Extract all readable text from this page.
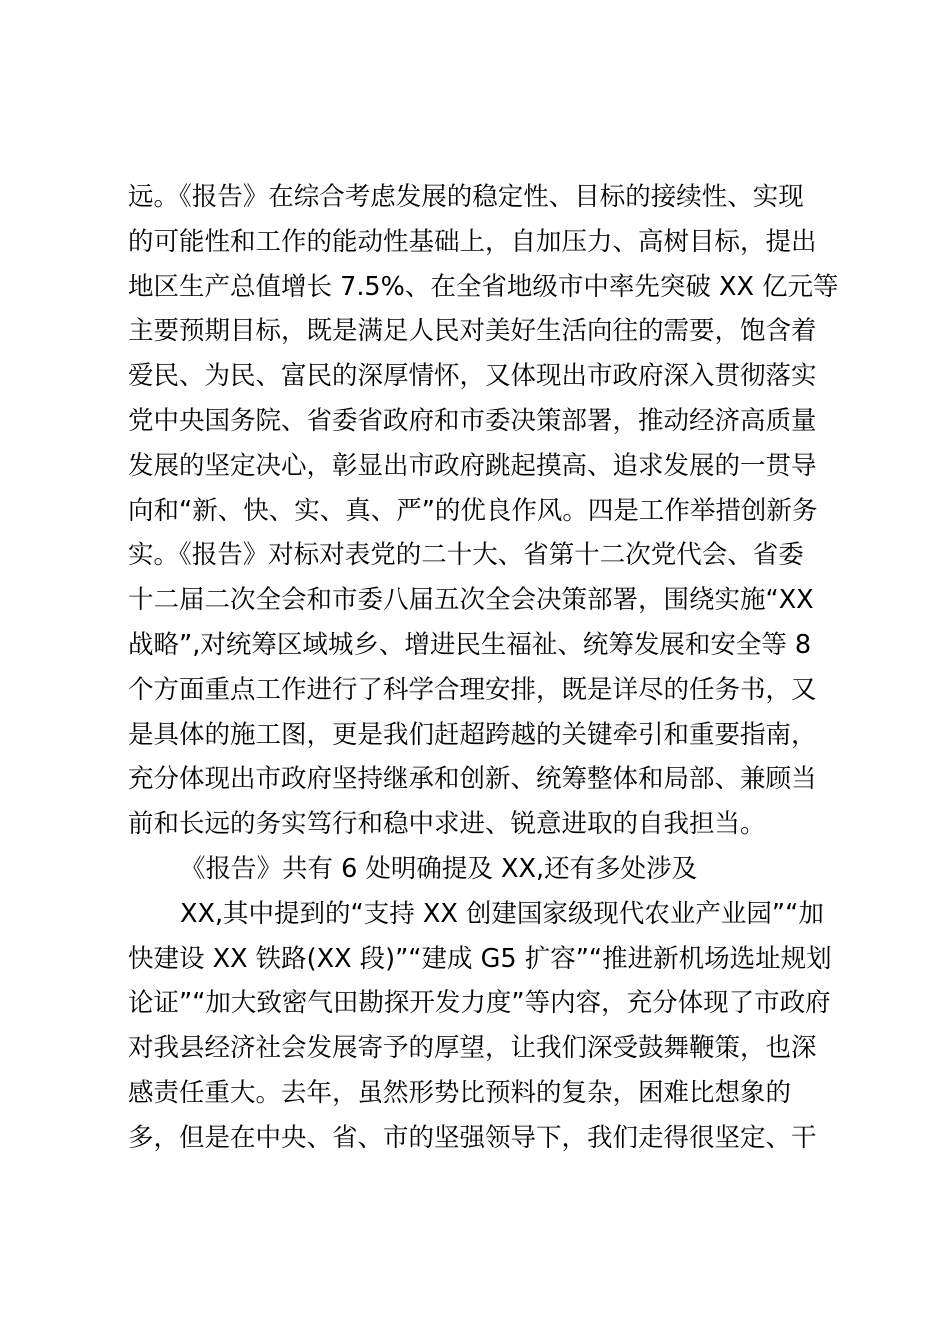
远。《报告》在综合考虑发展的稳定性、目标的接续性、实现
的可能性和工作的能动性基础上，自加压力、高树目标，提出
地区生产总值增长 7.5%、在全省地级市中率先突破 XX 亿元等
主要预期目标，既是满足人民对美好生活向往的需要，饱含着
爱民、为民、富民的深厚情怀，又体现出市政府深入贯彻落实
党中央国务院、省委省政府和市委决策部署，推动经济高质量
发展的坚定决心，彰显出市政府跳起摸高、追求发展的一贯导
向和“新、快、实、真、严”的优良作风。四是工作举措创新务
实。《报告》对标对表党的二十大、省第十二次党代会、省委
十二届二次全会和市委八届五次全会决策部署，围绕实施“XX
战略”,对统筹区域城乡、增进民生福祉、统筹发展和安全等 8
个方面重点工作进行了科学合理安排，既是详尽的任务书，又
是具体的施工图，更是我们赶超跨越的关键牵引和重要指南，
充分体现出市政府坚持继承和创新、统筹整体和局部、兼顾当
前和长远的务实笃行和稳中求进、锐意进取的自我担当。
《报告》共有 6 处明确提及 XX,还有多处涉及
XX,其中提到的“支持 XX 创建国家级现代农业产业园”“加
快建设 XX 铁路(XX 段)”“建成 G5 扩容”“推进新机场选址规划
论证”“加大致密气田勘探开发力度”等内容，充分体现了市政府
对我县经济社会发展寄予的厚望，让我们深受鼓舞鞭策，也深
感责任重大。去年，虽然形势比预料的复杂，困难比想象的
多，但是在中央、省、市的坚强领导下，我们走得很坚定、干
